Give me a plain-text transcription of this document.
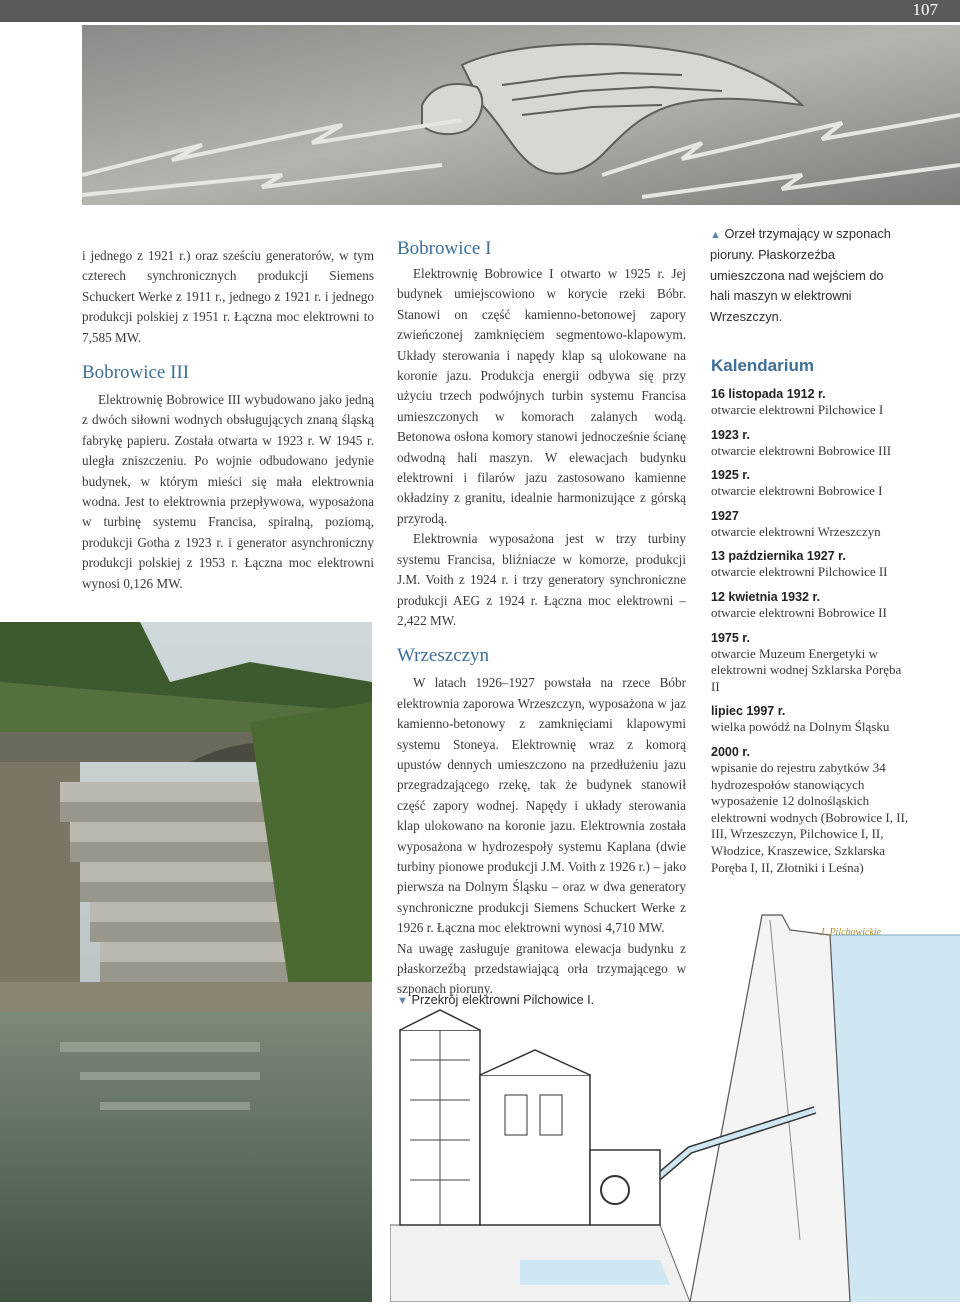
107

i jednego z 1921 r.) oraz sześciu generatorów, w tym czterech synchronicznych produkcji Siemens Schuckert Werke z 1911 r., jednego z 1921 r. i jednego produkcji polskiej z 1951 r. Łączna moc elektrowni to 7,585 MW.

Bobrowice III

Elektrownię Bobrowice III wybudowano jako jedną z dwóch siłowni wodnych obsługujących znaną śląską fabrykę papieru. Została otwarta w 1923 r. W 1945 r. uległa zniszczeniu. Po wojnie odbudowano jedynie budynek, w którym mieści się mała elektrownia wodna. Jest to elektrownia przepływowa, wyposażona w turbinę systemu Francisa, spiralną, poziomą, produkcji Gotha z 1923 r. i generator asynchroniczny produkcji polskiej z 1953 r. Łączna moc elektrowni wynosi 0,126 MW.

Bobrowice I

Elektrownię Bobrowice I otwarto w 1925 r. Jej budynek umiejscowiono w korycie rzeki Bóbr. Stanowi on część kamienno-betonowej zapory zwieńczonej zamknięciem segmentowo-klapowym. Układy sterowania i napędy klap są ulokowane na koronie jazu. Produkcja energii odbywa się przy użyciu trzech podwójnych turbin systemu Francisa umieszczonych w komorach zalanych wodą. Betonowa osłona komory stanowi jednocześnie ścianę odwodną hali maszyn. W elewacjach budynku elektrowni i filarów jazu zastosowano kamienne okładziny z granitu, idealnie harmonizujące z górską przyrodą.

Elektrownia wyposażona jest w trzy turbiny systemu Francisa, bliźniacze w komorze, produkcji J.M. Voith z 1924 r. i trzy generatory synchroniczne produkcji AEG z 1924 r. Łączna moc elektrowni – 2,422 MW.

Wrzeszczyn

W latach 1926–1927 powstała na rzece Bóbr elektrownia zaporowa Wrzeszczyn, wyposażona w jaz kamienno-betonowy z zamknięciami klapowymi systemu Stoneya. Elektrownię wraz z komorą upustów dennych umieszczono na przedłużeniu jazu przegradzającego rzekę, tak że budynek stanowił część zapory wodnej. Napędy i układy sterowania klap ulokowano na koronie jazu. Elektrownia została wyposażona w hydrozespoły systemu Kaplana (dwie turbiny pionowe produkcji J.M. Voith z 1926 r.) – jako pierwsza na Dolnym Śląsku – oraz w dwa generatory synchroniczne produkcji Siemens Schuckert Werke z 1926 r. Łączna moc elektrowni wynosi 4,710 MW.

Na uwagę zasługuje granitowa elewacja budynku z płaskorzeźbą przedstawiającą orła trzymającego w szponach pioruny.

▲ Orzeł trzymający w szponach pioruny. Płaskorzeźba umieszczona nad wejściem do hali maszyn w elektrowni Wrzeszczyn.
Kalendarium
16 listopada 1912 r.
otwarcie elektrowni Pilchowice I
1923 r.
otwarcie elektrowni Bobrowice III
1925 r.
otwarcie elektrowni Bobrowice I
1927
otwarcie elektrowni Wrzeszczyn
13 października 1927 r.
otwarcie elektrowni Pilchowice II
12 kwietnia 1932 r.
otwarcie elektrowni Bobrowice II
1975 r.
otwarcie Muzeum Energetyki w elektrowni wodnej Szklarska Poręba II
lipiec 1997 r.
wielka powódź na Dolnym Śląsku
2000 r.
wpisanie do rejestru zabytków 34 hydrozespołów stanowiących wyposażenie 12 dolnośląskich elektrowni wodnych (Bobrowice I, II, III, Wrzeszczyn, Pilchowice I, II, Włodzice, Kraszewice, Szklarska Poręba I, II, Złotniki i Leśna)
▼ Przekrój elektrowni Pilchowice I.
J. Pilchowickie
